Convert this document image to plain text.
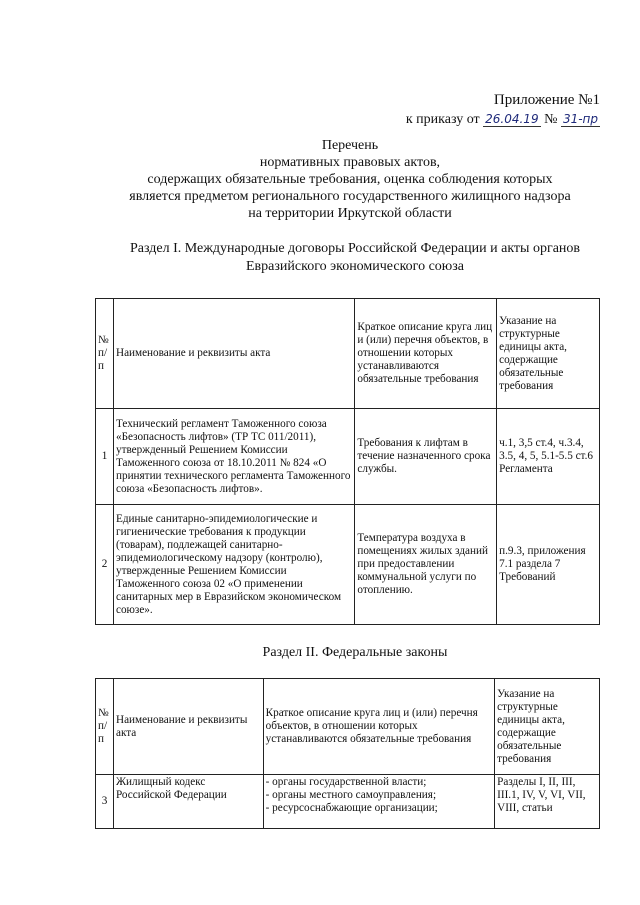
Приложение №1
к приказу от 26.04.19 № 31-пр
Перечень
нормативных правовых актов,
содержащих обязательные требования, оценка соблюдения которых
является предметом регионального государственного жилищного надзора
на территории Иркутской области
Раздел I. Международные договоры Российской Федерации и акты органов
Евразийского экономического союза
№ п/п	Наименование и реквизиты акта	Краткое описание круга лиц и (или) перечня объектов, в отношении которых устанавливаются обязательные требования	Указание на структурные единицы акта, содержащие обязательные требования
1	Технический регламент Таможенного союза «Безопасность лифтов» (ТР ТС 011/2011), утвержденный Решением Комиссии Таможенного союза от 18.10.2011 № 824 «О принятии технического регламента Таможенного союза «Безопасность лифтов».	Требования к лифтам в течение назначенного срока службы.	ч.1, 3,5 ст.4, ч.3.4, 3.5, 4, 5, 5.1-5.5 ст.6 Регламента
2	Единые санитарно-эпидемиологические и гигиенические требования к продукции (товарам), подлежащей санитарно-эпидемиологическому надзору (контролю), утвержденные Решением Комиссии Таможенного союза 02 «О применении санитарных мер в Евразийском экономическом союзе».	Температура воздуха в помещениях жилых зданий при предоставлении коммунальной услуги по отоплению.	п.9.3, приложения 7.1 раздела 7 Требований
Раздел II. Федеральные законы
№ п/п	Наименование и реквизиты акта	Краткое описание круга лиц и (или) перечня объектов, в отношении которых устанавливаются обязательные требования	Указание на структурные единицы акта, содержащие обязательные требования
3	Жилищный кодекс Российской Федерации	- органы государственной власти;
- органы местного самоуправления;
- ресурсоснабжающие организации;	Разделы I, II, III, III.1, IV, V, VI, VII, VIII, статьи
